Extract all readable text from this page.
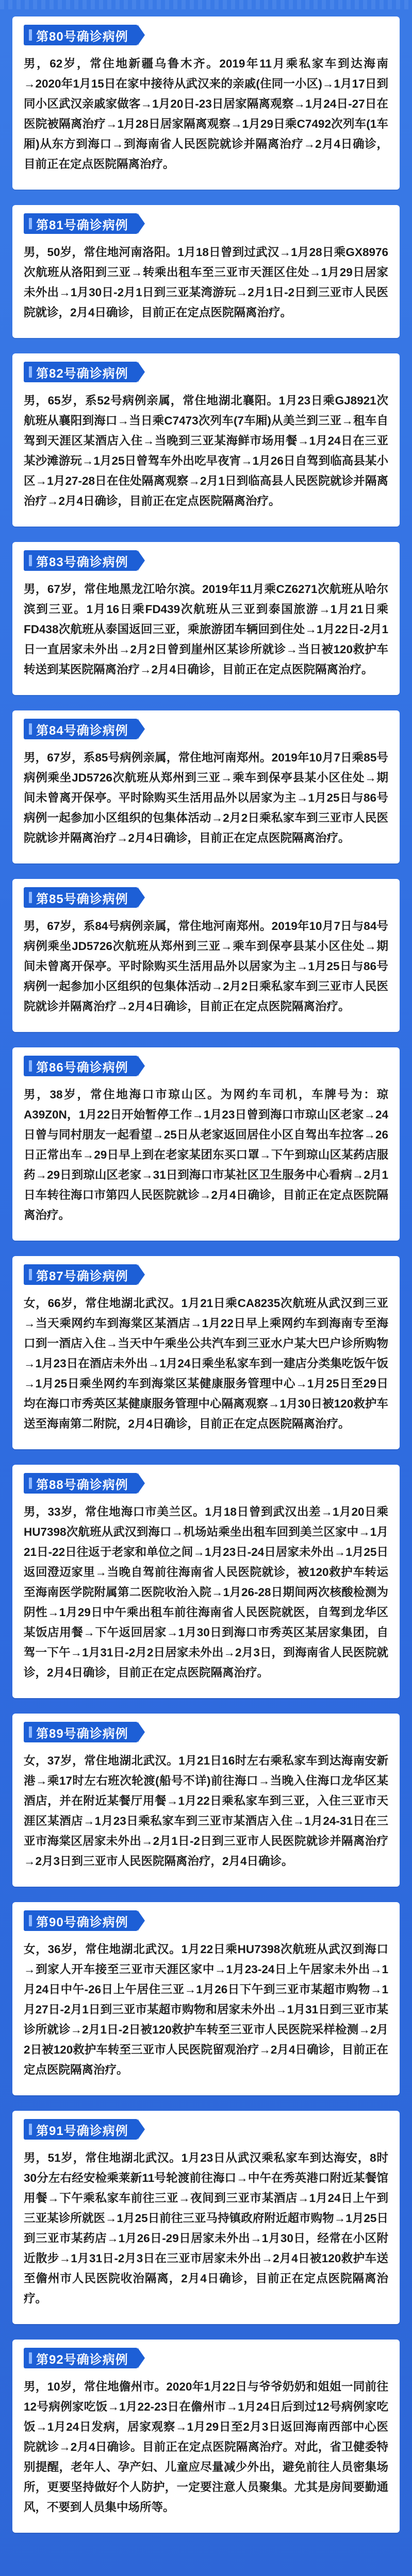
第80号确诊病例

男，62岁，常住地新疆乌鲁木齐。2019年11月乘私家车到达海南→2020年1月15日在家中接待从武汉来的亲戚(住同一小区)→1月17日到同小区武汉亲戚家做客→1月20日-23日居家隔离观察→1月24日-27日在医院被隔离治疗→1月28日居家隔离观察→1月29日乘C7492次列车(1车厢)从东方到海口→到海南省人民医院就诊并隔离治疗→2月4日确诊，目前正在定点医院隔离治疗。

第81号确诊病例

男，50岁，常住地河南洛阳。1月18日曾到过武汉→1月28日乘GX8976次航班从洛阳到三亚→转乘出租车至三亚市天涯区住处→1月29日居家未外出→1月30日-2月1日到三亚某湾游玩→2月1日-2日到三亚市人民医院就诊，2月4日确诊，目前正在定点医院隔离治疗。

第82号确诊病例

男，65岁，系52号病例亲属，常住地湖北襄阳。1月23日乘GJ8921次航班从襄阳到海口→当日乘C7473次列车(7车厢)从美兰到三亚→租车自驾到天涯区某酒店入住→当晚到三亚某海鲜市场用餐→1月24日在三亚某沙滩游玩→1月25日曾驾车外出吃早夜宵→1月26日自驾到临高县某小区→1月27-28日在住处隔离观察→2月1日到临高县人民医院就诊并隔离治疗→2月4日确诊，目前正在定点医院隔离治疗。

第83号确诊病例

男，67岁，常住地黑龙江哈尔滨。2019年11月乘CZ6271次航班从哈尔滨到三亚。1月16日乘FD439次航班从三亚到泰国旅游→1月21日乘FD438次航班从泰国返回三亚，乘旅游团车辆回到住处→1月22日-2月1日一直居家未外出→2月2日曾到崖州区某诊所就诊→当日被120救护车转送到某医院隔离治疗→2月4日确诊，目前正在定点医院隔离治疗。

第84号确诊病例

男，67岁，系85号病例亲属，常住地河南郑州。2019年10月7日乘85号病例乘坐JD5726次航班从郑州到三亚→乘车到保亭县某小区住处→期间未曾离开保亭。平时除购买生活用品外以居家为主→1月25日与86号病例一起参加小区组织的包集体活动→2月2日乘私家车到三亚市人民医院就诊并隔离治疗→2月4日确诊，目前正在定点医院隔离治疗。

第85号确诊病例

男，67岁，系84号病例亲属，常住地河南郑州。2019年10月7日与84号病例乘坐JD5726次航班从郑州到三亚→乘车到保亭县某小区住处→期间未曾离开保亭。平时除购买生活用品外以居家为主→1月25日与86号病例一起参加小区组织的包集体活动→2月2日乘私家车到三亚市人民医院就诊并隔离治疗→2月4日确诊，目前正在定点医院隔离治疗。

第86号确诊病例

男，38岁，常住地海口市琼山区。为网约车司机，车牌号为：琼A39Z0N，1月22日开始暂停工作→1月23日曾到海口市琼山区老家→24日曾与同村朋友一起看望→25日从老家返回居住小区自驾出车拉客→26日正常出车→29日早上到在老家某团东买口罩→下午到琼山区某药店服药→29日到琼山区老家→31日到海口市某社区卫生服务中心看病→2月1日车转往海口市第四人民医院就诊→2月4日确诊，目前正在定点医院隔离治疗。

第87号确诊病例

女，66岁，常住地湖北武汉。1月21日乘CA8235次航班从武汉到三亚→当天乘网约车到海棠区某酒店→1月22日早上乘网约车到海南专至海口到一酒店入住→当天中午乘坐公共汽车到三亚水户某大巴户诊所购物→1月23日在酒店未外出→1月24日乘坐私家车到一建店分类集吃饭午饭→1月25日乘坐网约车到海棠区某健康服务管理中心→1月25日至29日均在海口市秀英区某健康服务管理中心隔离观察→1月30日被120救护车送至海南第二附院，2月4日确诊，目前正在定点医院隔离治疗。

第88号确诊病例

男，33岁，常住地海口市美兰区。1月18日曾到武汉出差→1月20日乘HU7398次航班从武汉到海口→机场站乘坐出租车回到美兰区家中→1月21日-22日往返于老家和单位之间→1月23日-24日居家未外出→1月25日返回澄迈家里→当晚自驾前往海南省人民医院就诊，被120救护车转运至海南医学院附属第二医院收治入院→1月26-28日期间两次核酸检测为阴性→1月29日中午乘出租车前往海南省人民医院就医，自驾到龙华区某饭店用餐→下午返回居家→1月30日到海口市秀英区某居家集团，自驾一下午→1月31日-2月2日居家未外出→2月3日，到海南省人民医院就诊，2月4日确诊，目前正在定点医院隔离治疗。

第89号确诊病例

女，37岁，常住地湖北武汉。1月21日16时左右乘私家车到达海南安新港→乘17时左右班次轮渡(船号不详)前往海口→当晚入住海口龙华区某酒店，并在附近某餐厅用餐→1月22日乘私家车到三亚，入住三亚市天涯区某酒店→1月23日乘私家车到三亚市某酒店入住→1月24-31日在三亚市海棠区居家未外出→2月1日-2日到三亚市人民医院就诊并隔离治疗→2月3日到三亚市人民医院隔离治疗，2月4日确诊。

第90号确诊病例

女，36岁，常住地湖北武汉。1月22日乘HU7398次航班从武汉到海口→到家人开车接至三亚市天涯区家中→1月23-24日上午居家未外出→1月24日中午-26日上午居住三亚→1月26日下午到三亚市某超市购物→1月27日-2月1日到三亚市某超市购物和居家未外出→1月31日到三亚市某诊所就诊→2月1日-2日被120救护车转至三亚市人民医院采样检测→2月2日被120救护车转至三亚市人民医院留观治疗→2月4日确诊，目前正在定点医院隔离治疗。

第91号确诊病例

男，51岁，常住地湖北武汉。1月23日从武汉乘私家车到达海安，8时30分左右经安检乘莱新11号轮渡前往海口→中午在秀英港口附近某餐馆用餐→下午乘私家车前往三亚→夜间到三亚市某酒店→1月24日上午到三亚某诊所就医→1月25日前往三亚马持镇政府附近超市购物→1月25日到三亚市某药店→1月26日-29日居家未外出→1月30日，经常在小区附近散步→1月31日-2月3日在三亚市居家未外出→2月4日被120救护车送至儋州市人民医院收治隔离，2月4日确诊，目前正在定点医院隔离治疗。

第92号确诊病例

男，10岁，常住地儋州市。2020年1月22日与爷爷奶奶和姐姐一同前往12号病例家吃饭→1月22-23日在儋州市→1月24日后到过12号病例家吃饭→1月24日发病，居家观察→1月29日至2月3日返回海南西部中心医院就诊→2月4日确诊。目前正在定点医院隔离治疗。对此，省卫健委特别提醒，老年人、孕产妇、儿童应尽量减少外出，避免前往人员密集场所，更要坚持做好个人防护，一定要注意人员聚集。尤其是房间要勤通风，不要到人员集中场所等。
